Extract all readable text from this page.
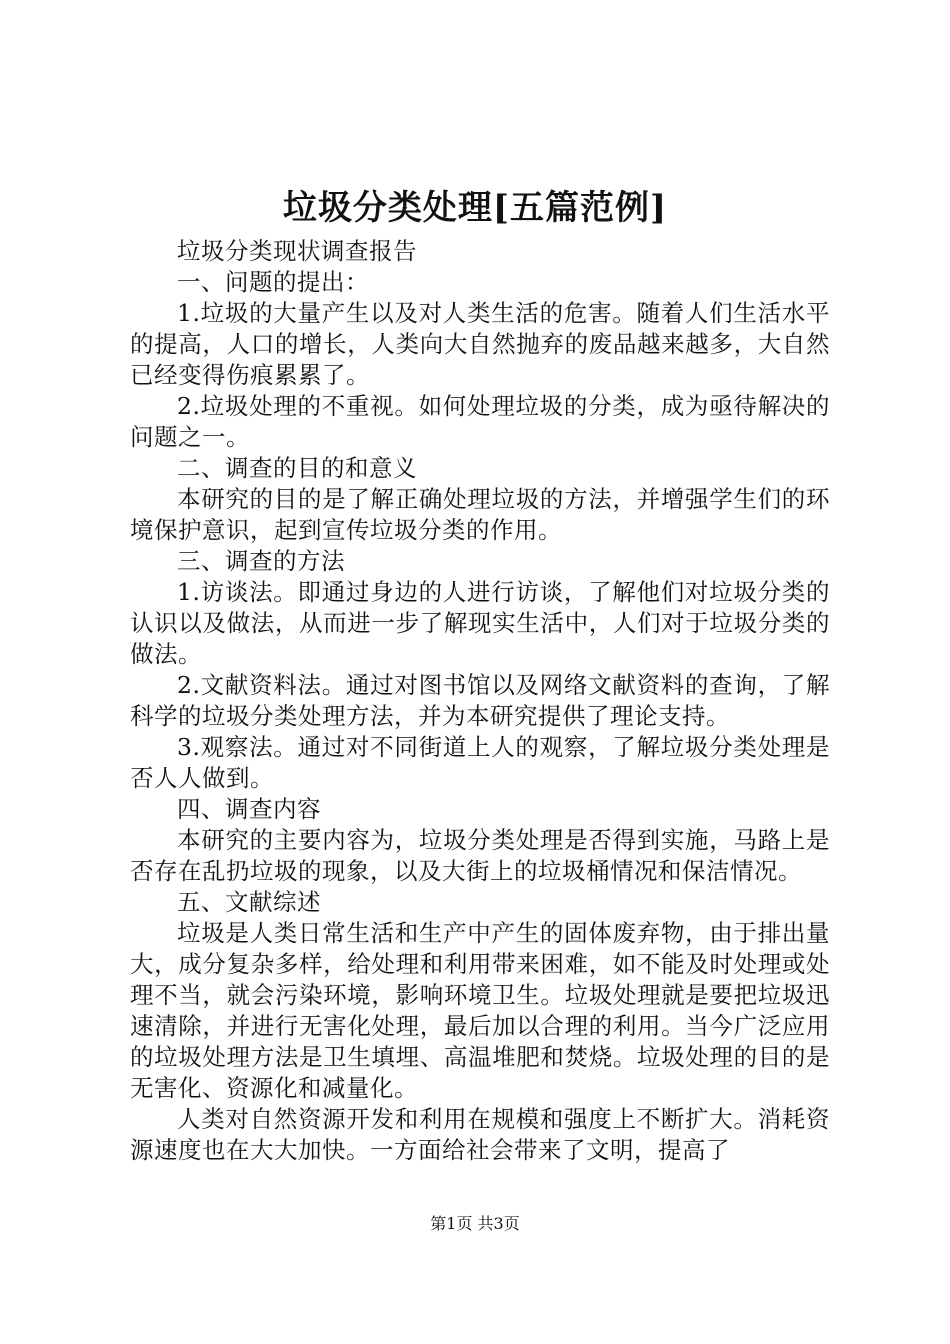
垃圾分类处理[五篇范例]

垃圾分类现状调查报告

一、问题的提出：

1.垃圾的大量产生以及对人类生活的危害。随着人们生活水平的提高，人口的增长，人类向大自然抛弃的废品越来越多，大自然已经变得伤痕累累了。

2.垃圾处理的不重视。如何处理垃圾的分类，成为亟待解决的问题之一。

二、调查的目的和意义

本研究的目的是了解正确处理垃圾的方法，并增强学生们的环境保护意识，起到宣传垃圾分类的作用。

三、调查的方法

1.访谈法。即通过身边的人进行访谈，了解他们对垃圾分类的认识以及做法，从而进一步了解现实生活中，人们对于垃圾分类的做法。

2.文献资料法。通过对图书馆以及网络文献资料的查询，了解科学的垃圾分类处理方法，并为本研究提供了理论支持。

3.观察法。通过对不同街道上人的观察，了解垃圾分类处理是否人人做到。

四、调查内容

本研究的主要内容为，垃圾分类处理是否得到实施，马路上是否存在乱扔垃圾的现象，以及大街上的垃圾桶情况和保洁情况。

五、文献综述

垃圾是人类日常生活和生产中产生的固体废弃物，由于排出量大，成分复杂多样，给处理和利用带来困难，如不能及时处理或处理不当，就会污染环境，影响环境卫生。垃圾处理就是要把垃圾迅速清除，并进行无害化处理，最后加以合理的利用。当今广泛应用的垃圾处理方法是卫生填埋、高温堆肥和焚烧。垃圾处理的目的是无害化、资源化和减量化。

人类对自然资源开发和利用在规模和强度上不断扩大。消耗资源速度也在大大加快。一方面给社会带来了文明，提高了

第1页 共3页
